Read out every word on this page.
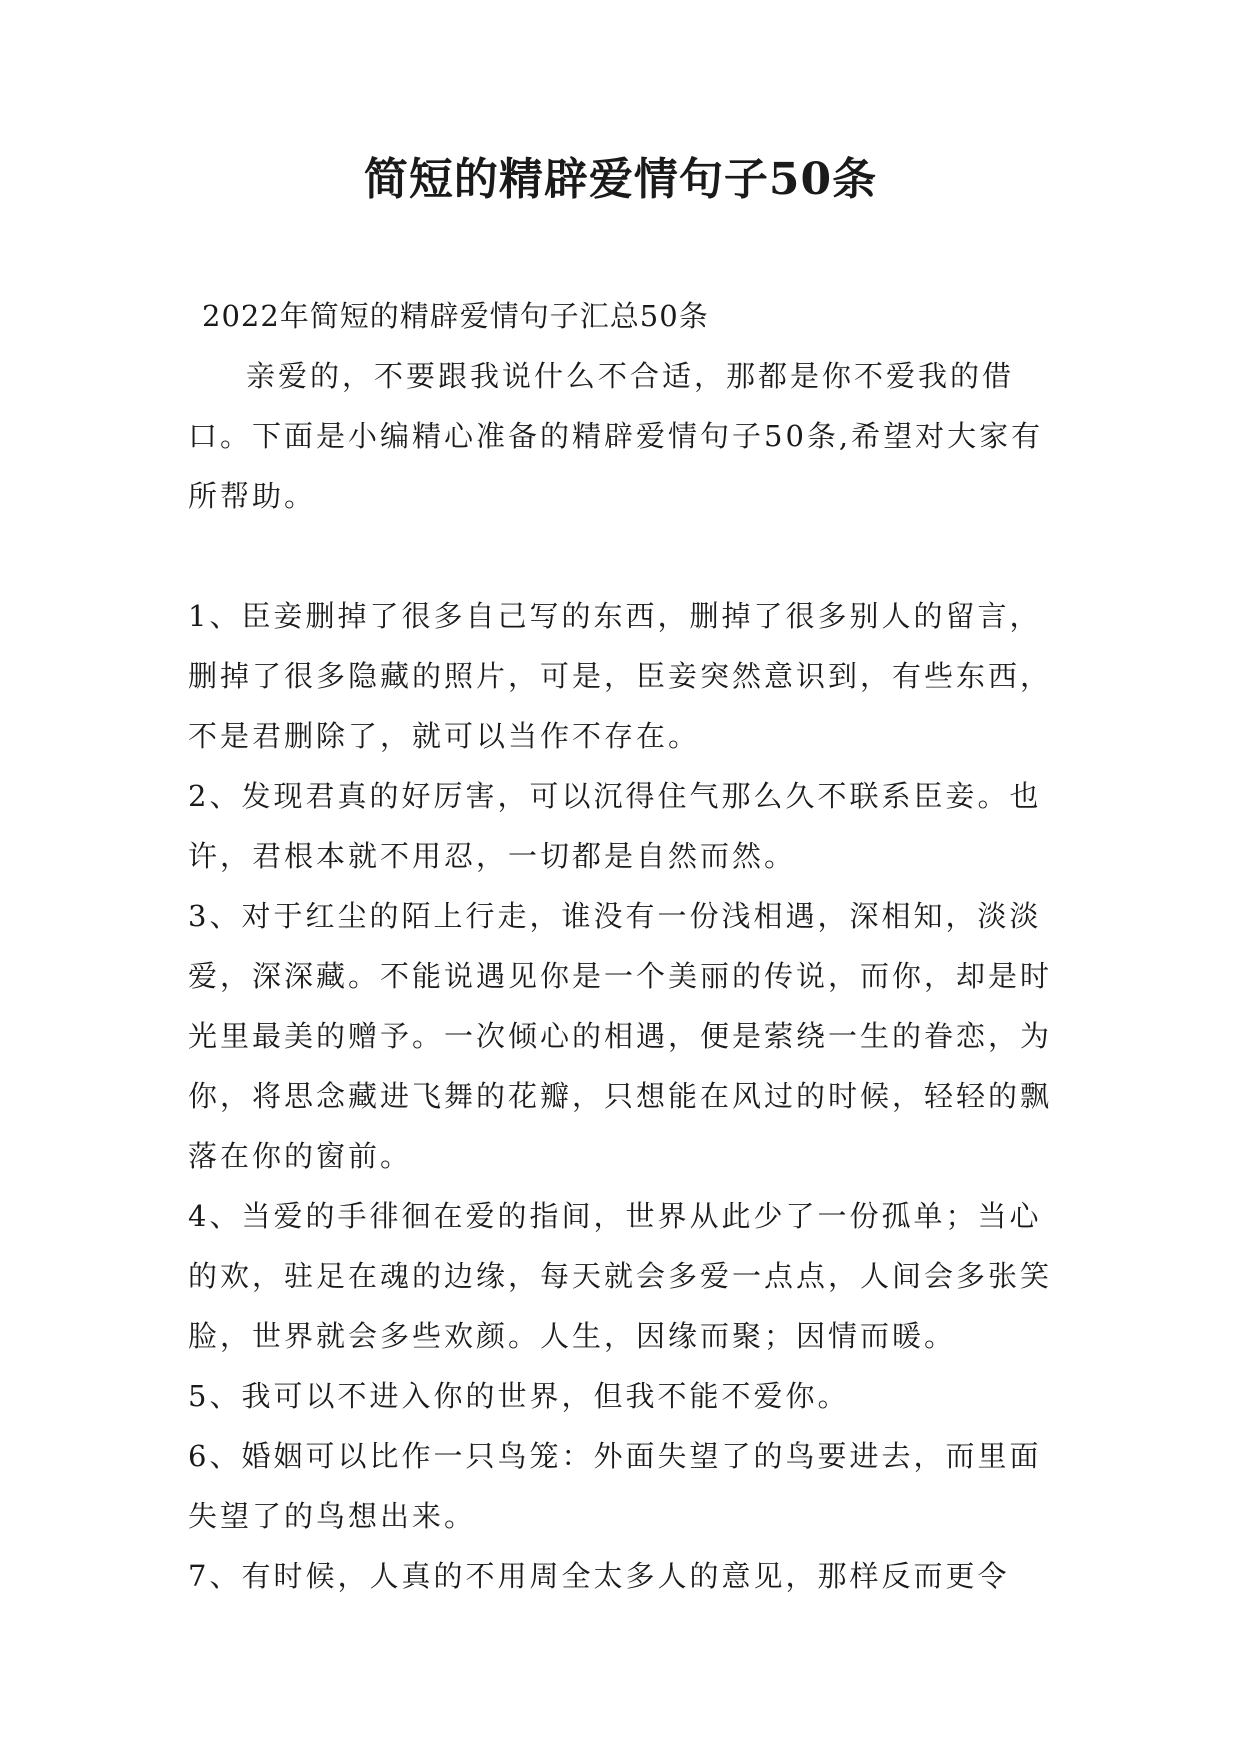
简短的精辟爱情句子50条

2022年简短的精辟爱情句子汇总50条

亲爱的，不要跟我说什么不合适，那都是你不爱我的借口。下面是小编精心准备的精辟爱情句子50条,希望对大家有所帮助。

1、臣妾删掉了很多自己写的东西，删掉了很多别人的留言，删掉了很多隐藏的照片，可是，臣妾突然意识到，有些东西，不是君删除了，就可以当作不存在。

2、发现君真的好厉害，可以沉得住气那么久不联系臣妾。也许，君根本就不用忍，一切都是自然而然。

3、对于红尘的陌上行走，谁没有一份浅相遇，深相知，淡淡爱，深深藏。不能说遇见你是一个美丽的传说，而你，却是时光里最美的赠予。一次倾心的相遇，便是萦绕一生的眷恋，为你，将思念藏进飞舞的花瓣，只想能在风过的时候，轻轻的飘落在你的窗前。

4、当爱的手徘徊在爱的指间，世界从此少了一份孤单；当心的欢，驻足在魂的边缘，每天就会多爱一点点，人间会多张笑脸，世界就会多些欢颜。人生，因缘而聚；因情而暖。

5、我可以不进入你的世界，但我不能不爱你。

6、婚姻可以比作一只鸟笼：外面失望了的鸟要进去，而里面失望了的鸟想出来。

7、有时候，人真的不用周全太多人的意见，那样反而更令
